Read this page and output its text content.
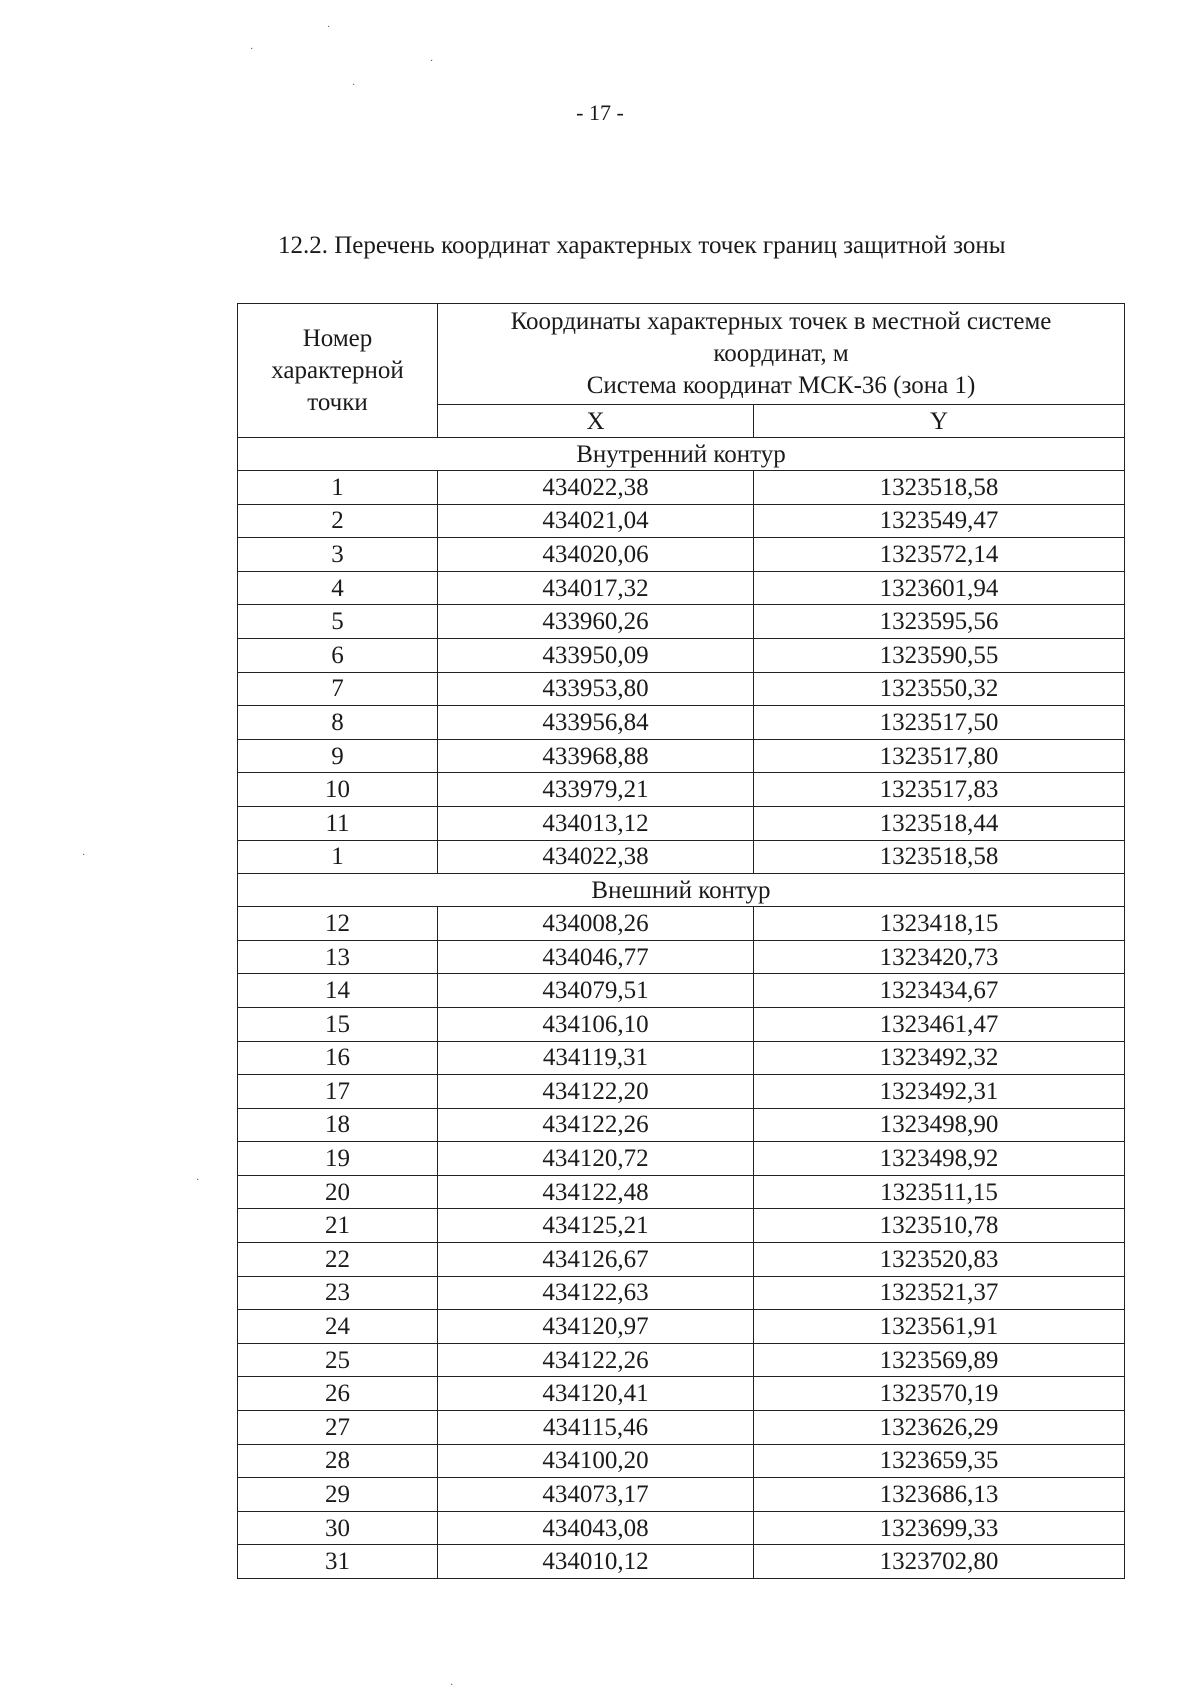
·
·
·
·
·
·
·
- 17 -
12.2. Перечень координат характерных точек границ защитной зоны
Номер
характерной
точки	Координаты характерных точек в местной системе
координат, м
Система координат МСК-36 (зона 1)	
	X	Y
Внутренний контур		
1	434022,38	1323518,58
2	434021,04	1323549,47
3	434020,06	1323572,14
4	434017,32	1323601,94
5	433960,26	1323595,56
6	433950,09	1323590,55
7	433953,80	1323550,32
8	433956,84	1323517,50
9	433968,88	1323517,80
10	433979,21	1323517,83
11	434013,12	1323518,44
1	434022,38	1323518,58
Внешний контур		
12	434008,26	1323418,15
13	434046,77	1323420,73
14	434079,51	1323434,67
15	434106,10	1323461,47
16	434119,31	1323492,32
17	434122,20	1323492,31
18	434122,26	1323498,90
19	434120,72	1323498,92
20	434122,48	1323511,15
21	434125,21	1323510,78
22	434126,67	1323520,83
23	434122,63	1323521,37
24	434120,97	1323561,91
25	434122,26	1323569,89
26	434120,41	1323570,19
27	434115,46	1323626,29
28	434100,20	1323659,35
29	434073,17	1323686,13
30	434043,08	1323699,33
31	434010,12	1323702,80
